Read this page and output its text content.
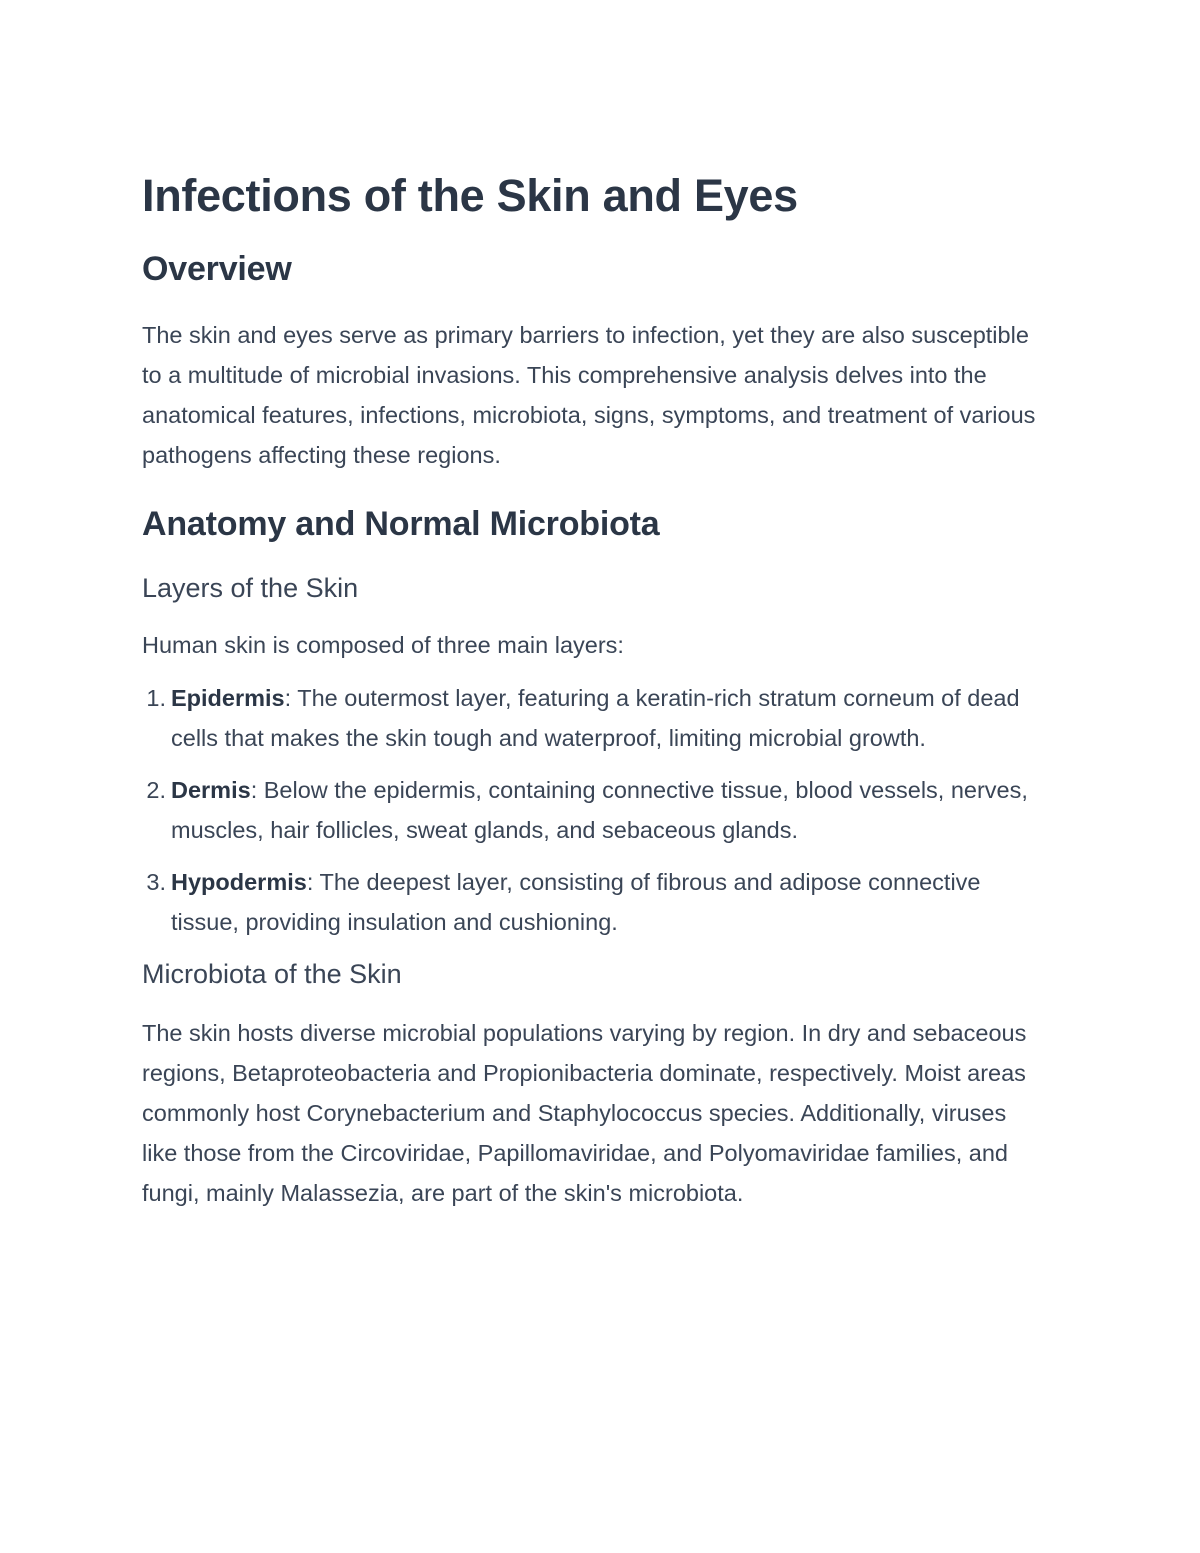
Infections of the Skin and Eyes
Overview

The skin and eyes serve as primary barriers to infection, yet they are also susceptible to a multitude of microbial invasions. This comprehensive analysis delves into the anatomical features, infections, microbiota, signs, symptoms, and treatment of various pathogens affecting these regions.

Anatomy and Normal Microbiota
Layers of the Skin

Human skin is composed of three main layers:

1. Epidermis: The outermost layer, featuring a keratin-rich stratum corneum of dead cells that makes the skin tough and waterproof, limiting microbial growth.
2. Dermis: Below the epidermis, containing connective tissue, blood vessels, nerves, muscles, hair follicles, sweat glands, and sebaceous glands.
3. Hypodermis: The deepest layer, consisting of fibrous and adipose connective tissue, providing insulation and cushioning.
Microbiota of the Skin

The skin hosts diverse microbial populations varying by region. In dry and sebaceous regions, Betaproteobacteria and Propionibacteria dominate, respectively. Moist areas commonly host Corynebacterium and Staphylococcus species. Additionally, viruses like those from the Circoviridae, Papillomaviridae, and Polyomaviridae families, and fungi, mainly Malassezia, are part of the skin's microbiota.
